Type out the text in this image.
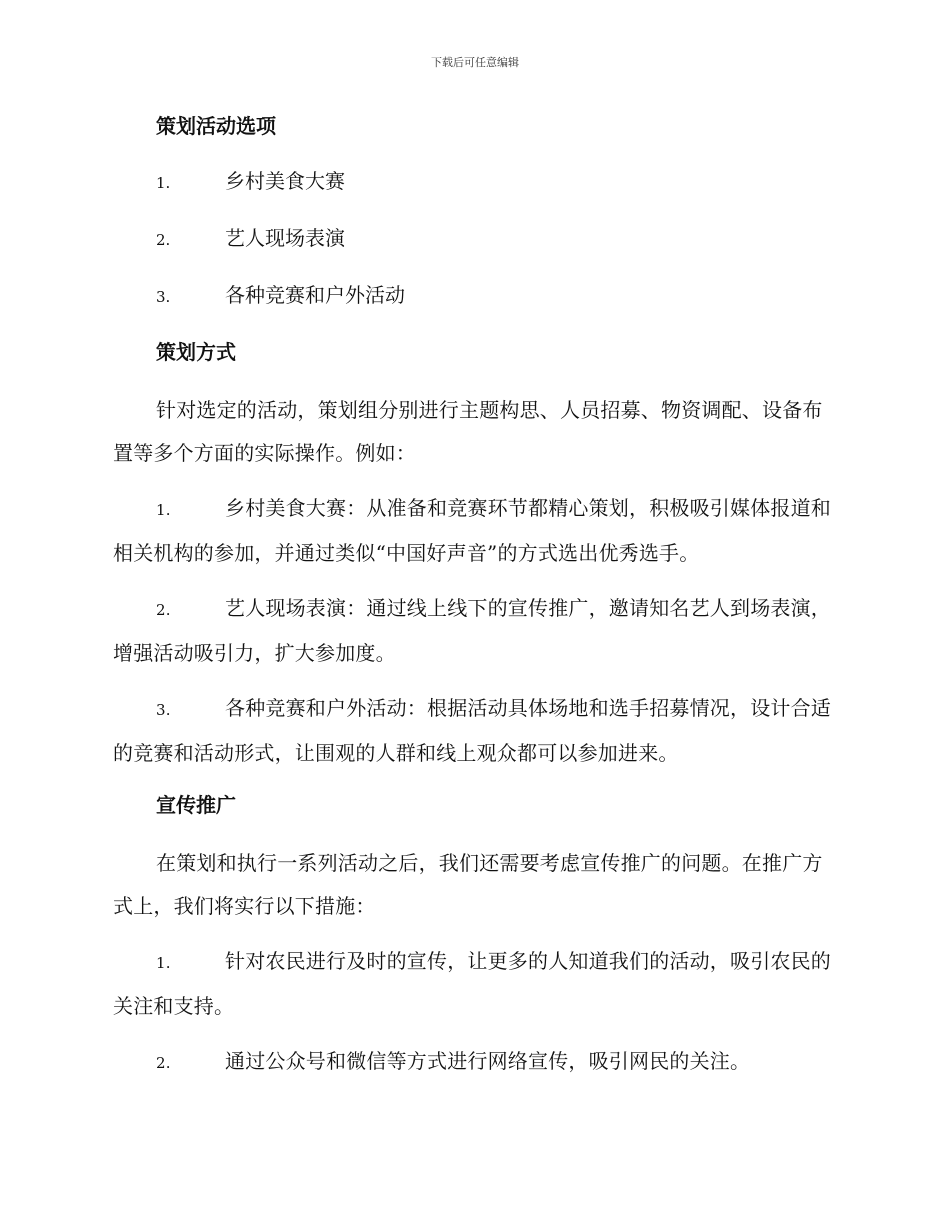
下载后可任意编辑
策划活动选项
1.	乡村美食大赛
2.	艺人现场表演
3.	各种竞赛和户外活动
策划方式

针对选定的活动，策划组分别进行主题构思、人员招募、物资调配、设备布置等多个方面的实际操作。例如：

1.	乡村美食大赛：从准备和竞赛环节都精心策划，积极吸引媒体报道和相关机构的参加，并通过类似“中国好声音”的方式选出优秀选手。

2.	艺人现场表演：通过线上线下的宣传推广，邀请知名艺人到场表演，增强活动吸引力，扩大参加度。

3.	各种竞赛和户外活动：根据活动具体场地和选手招募情况，设计合适的竞赛和活动形式，让围观的人群和线上观众都可以参加进来。

宣传推广

在策划和执行一系列活动之后，我们还需要考虑宣传推广的问题。在推广方式上，我们将实行以下措施：

1.	针对农民进行及时的宣传，让更多的人知道我们的活动，吸引农民的关注和支持。

2.	通过公众号和微信等方式进行网络宣传，吸引网民的关注。
